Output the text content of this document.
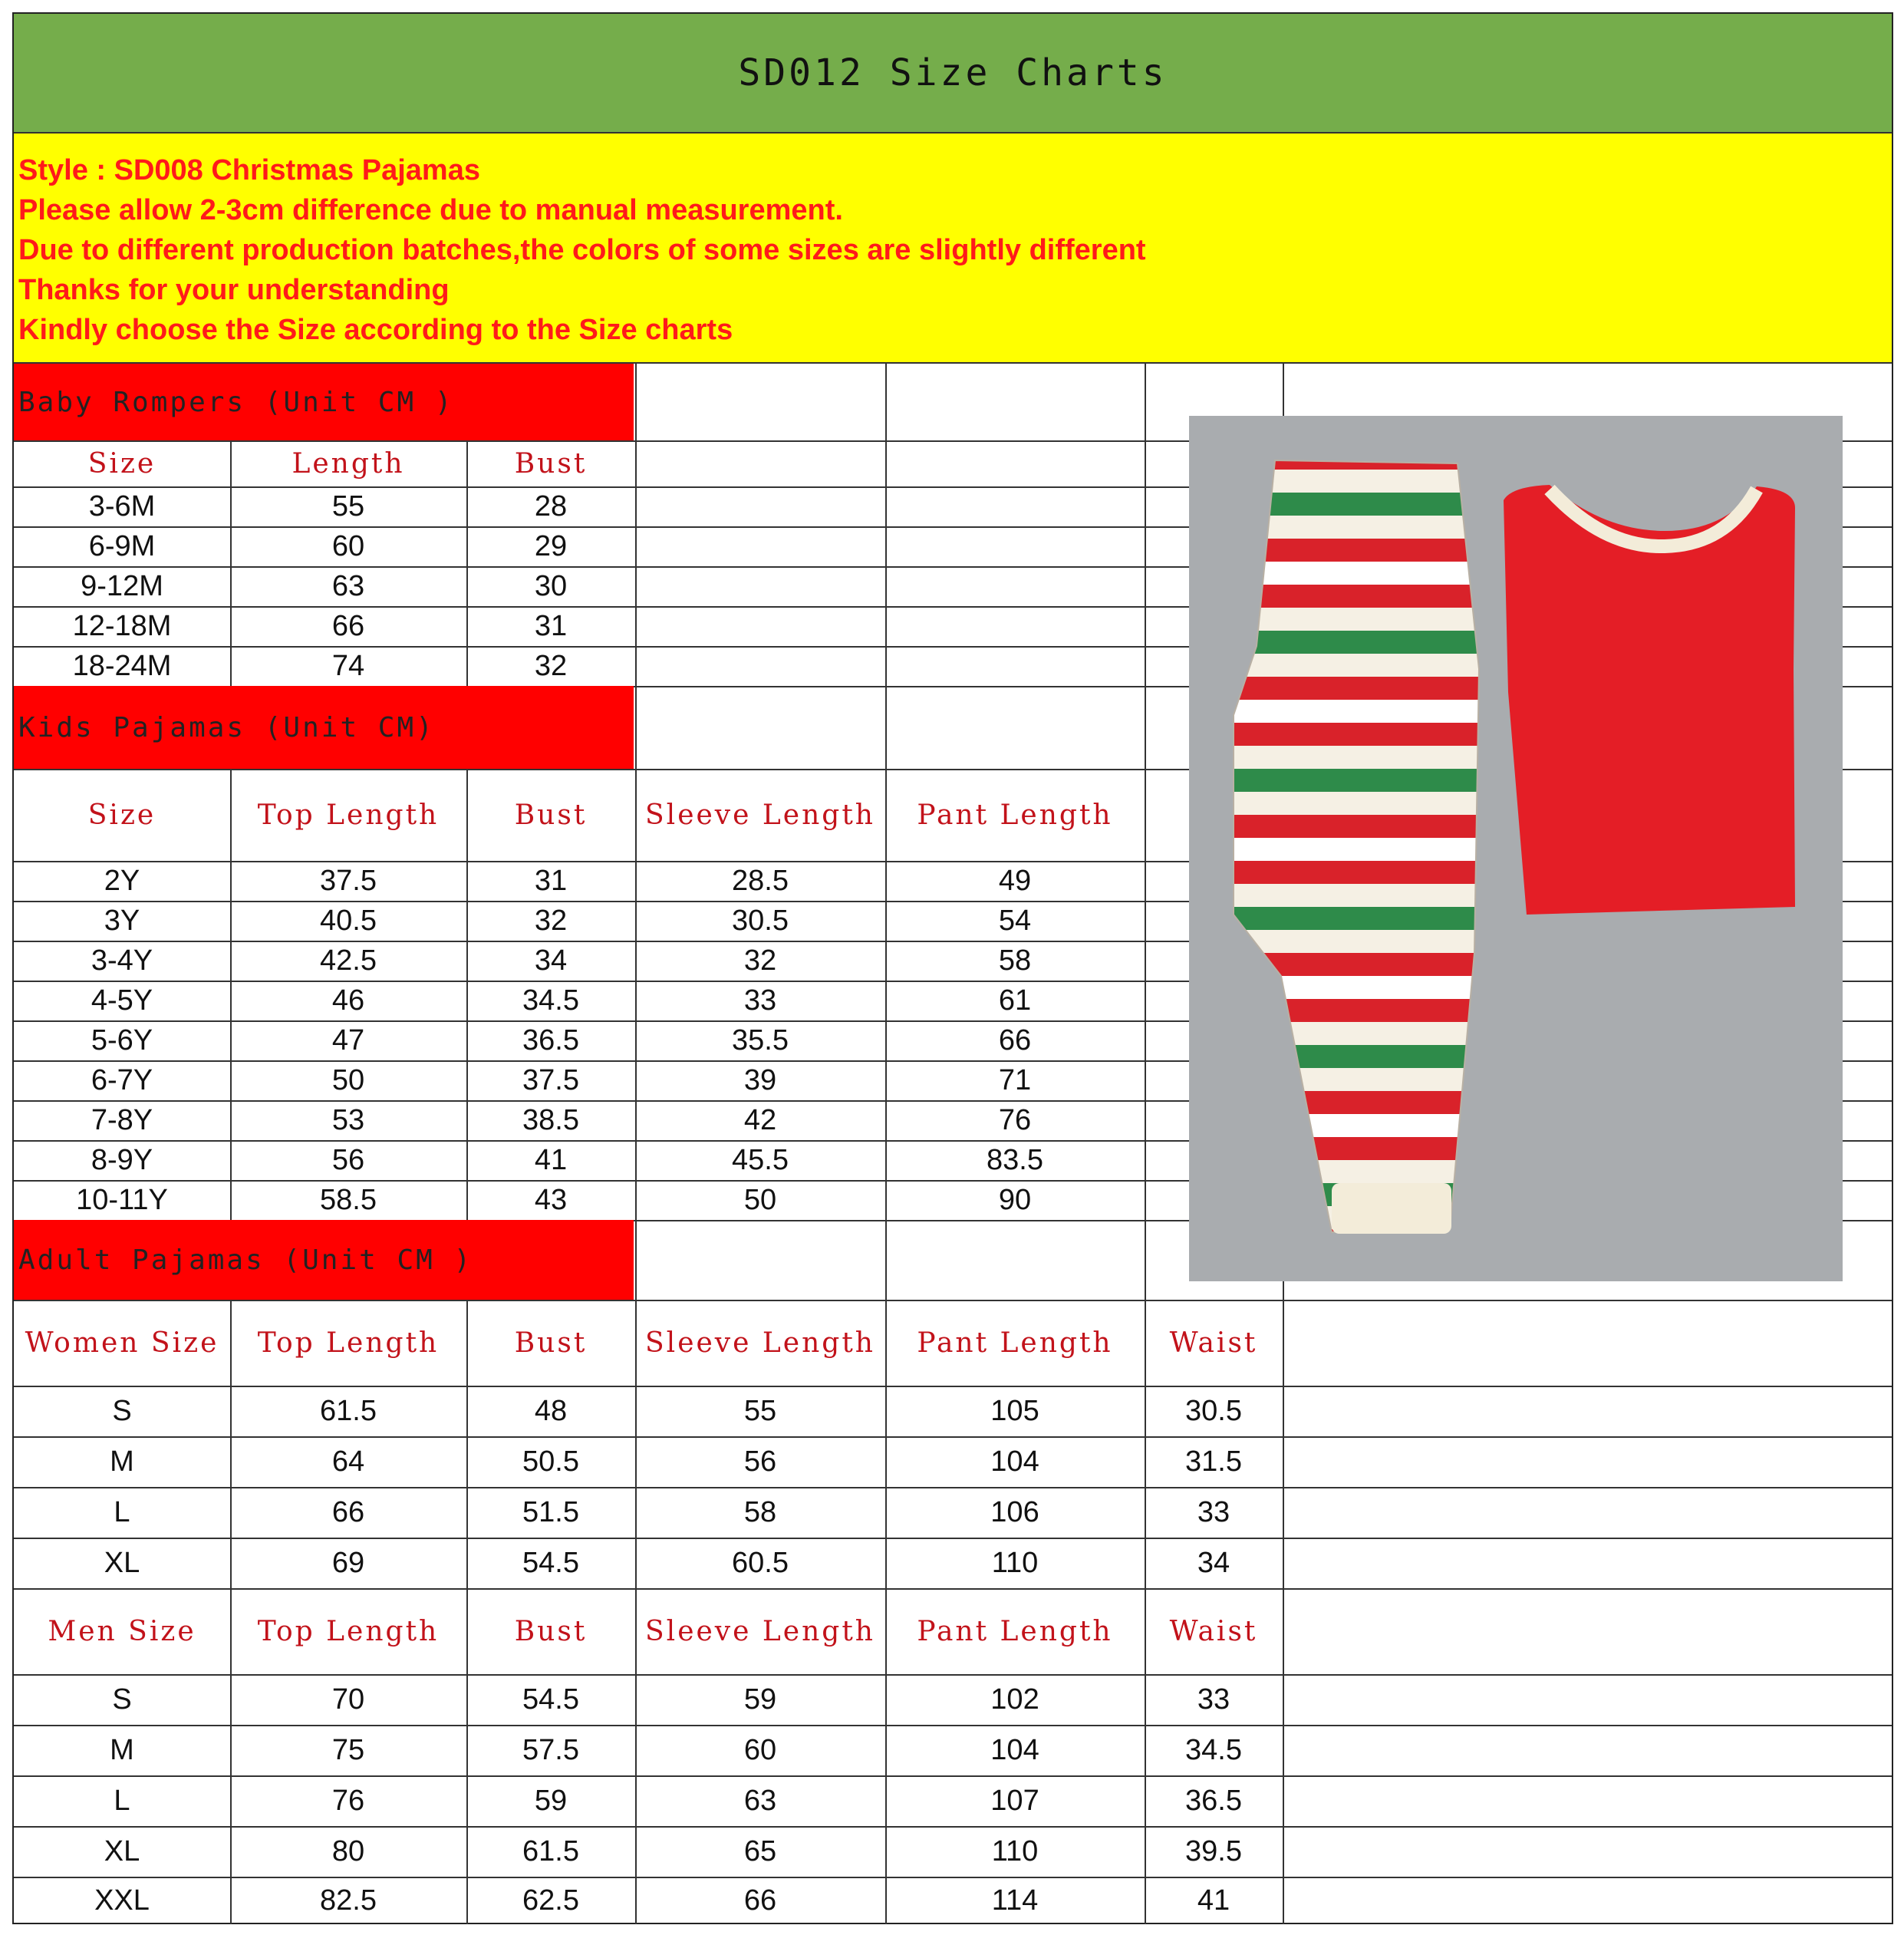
SD012 Size Charts
Style : SD008 Christmas Pajamas
Please allow 2-3cm difference due to manual measurement.
Due to different production batches,the colors of some sizes are slightly different
Thanks for your understanding
Kindly choose the Size according to the Size charts
Baby Rompers (Unit CM )
Kids Pajamas (Unit CM)
Adult Pajamas (Unit CM )
Size	Length	Bust
3-6M	55	28
6-9M	60	29
9-12M	63	30
12-18M	66	31
18-24M	74	32
Size	Top Length	Bust	Sleeve Length	Pant Length
2Y	37.5	31	28.5	49
3Y	40.5	32	30.5	54
3-4Y	42.5	34	32	58
4-5Y	46	34.5	33	61
5-6Y	47	36.5	35.5	66
6-7Y	50	37.5	39	71
7-8Y	53	38.5	42	76
8-9Y	56	41	45.5	83.5
10-11Y	58.5	43	50	90
Women Size	Top Length	Bust	Sleeve Length	Pant Length	Waist
S	61.5	48	55	105	30.5
M	64	50.5	56	104	31.5
L	66	51.5	58	106	33
XL	69	54.5	60.5	110	34
Men Size	Top Length	Bust	Sleeve Length	Pant Length	Waist
S	70	54.5	59	102	33
M	75	57.5	60	104	34.5
L	76	59	63	107	36.5
XL	80	61.5	65	110	39.5
XXL	82.5	62.5	66	114	41
